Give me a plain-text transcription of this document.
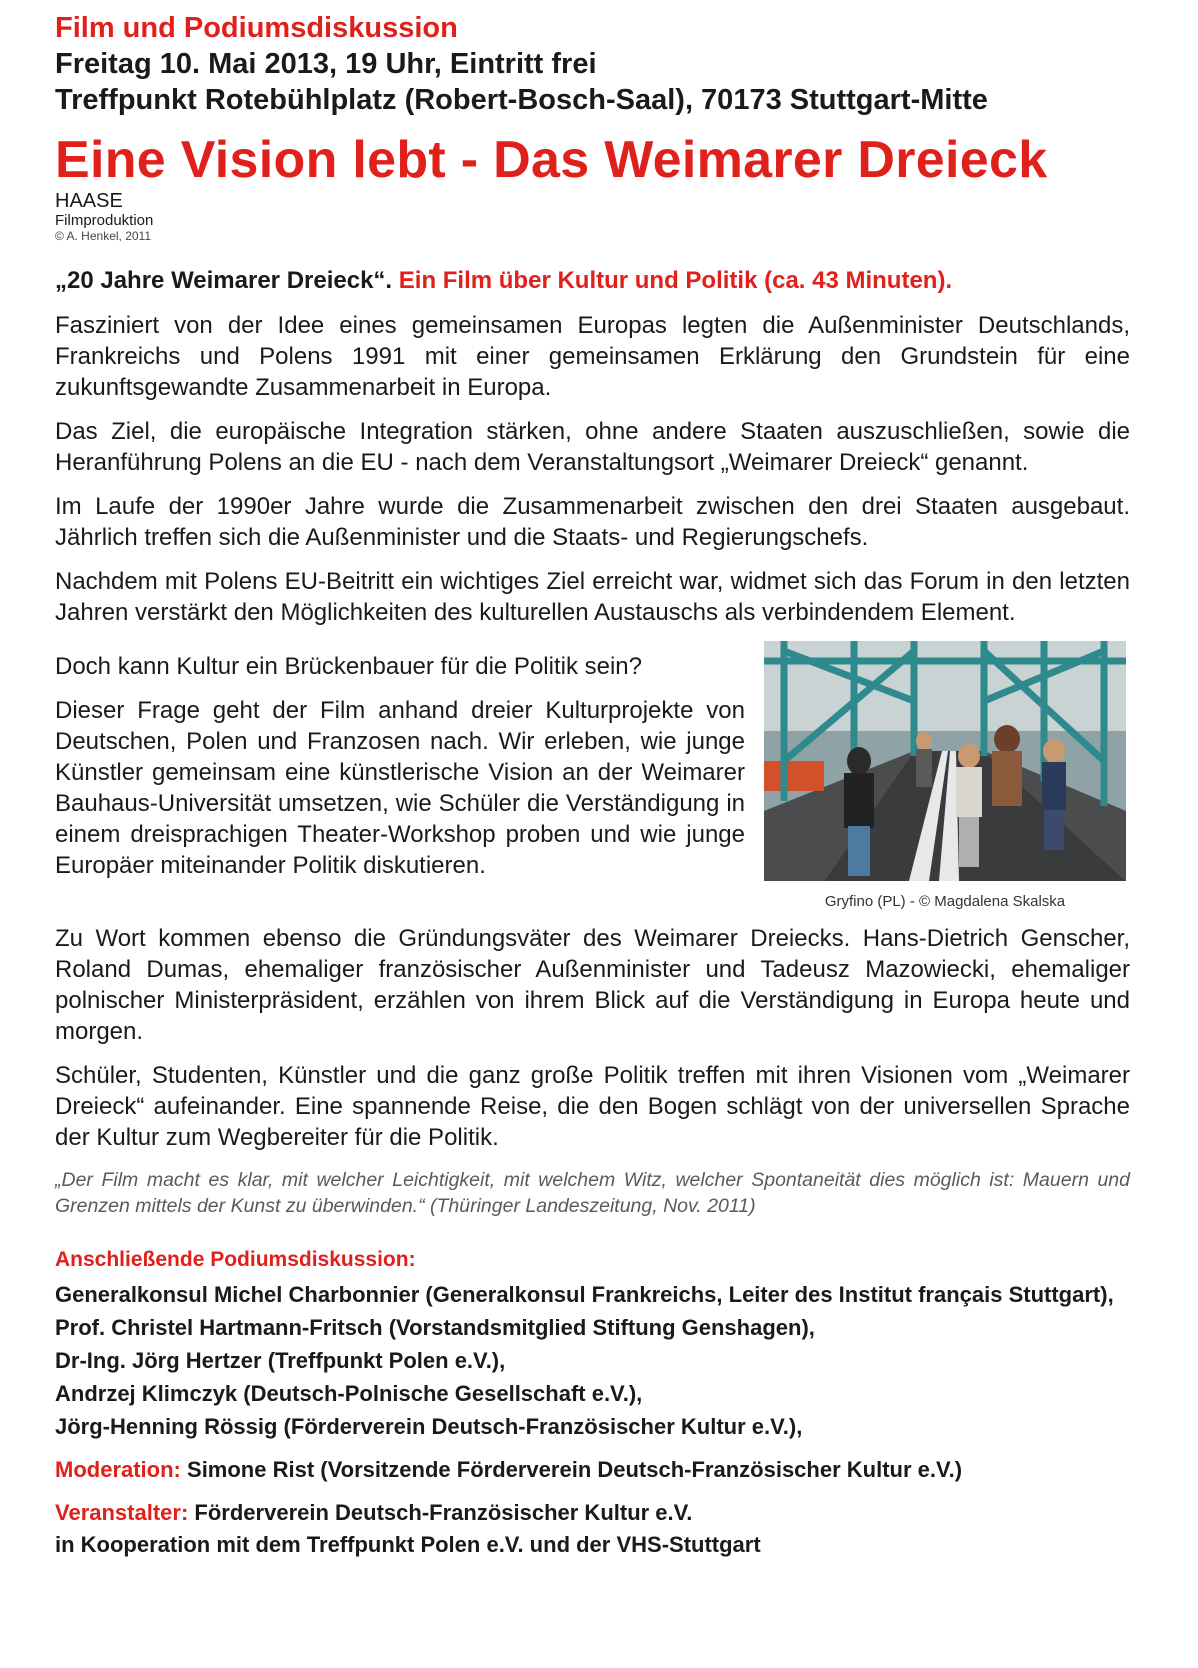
Film und Podiumsdiskussion

Freitag 10. Mai 2013, 19 Uhr, Eintritt frei

Treffpunkt Rotebühlplatz (Robert-Bosch-Saal), 70173 Stuttgart-Mitte

Eine Vision lebt - Das Weimarer Dreieck
HAASE
Filmproduktion
© A. Henkel, 2011

„20 Jahre Weimarer Dreieck“. Ein Film über Kultur und Politik (ca. 43 Minuten).

Fasziniert von der Idee eines gemeinsamen Europas legten die Außenminister Deutschlands, Frankreichs und Polens 1991 mit einer gemeinsamen Erklärung den Grundstein für eine zukunftsgewandte Zusammenarbeit in Europa.

Das Ziel, die europäische Integration stärken, ohne andere Staaten auszuschließen, sowie die Heranführung Polens an die EU - nach dem Veranstaltungsort „Weimarer Dreieck“ genannt.

Im Laufe der 1990er Jahre wurde die Zusammenarbeit zwischen den drei Staaten ausgebaut. Jährlich treffen sich die Außenminister und die Staats- und Regierungschefs.

Nachdem mit Polens EU-Beitritt ein wichtiges Ziel erreicht war, widmet sich das Forum in den letzten Jahren verstärkt den Möglichkeiten des kulturellen Austauschs als verbindendem Element.

Doch kann Kultur ein Brückenbauer für die Politik sein?

Dieser Frage geht der Film anhand dreier Kulturprojekte von Deutschen, Polen und Franzosen nach. Wir erleben, wie junge Künstler gemeinsam eine künstlerische Vision an der Weimarer Bauhaus-Universität umsetzen, wie Schüler die Verständigung in einem dreisprachigen Theater-Workshop proben und wie junge Europäer miteinander Politik diskutieren.

Gryfino (PL) - © Magdalena Skalska

Zu Wort kommen ebenso die Gründungsväter des Weimarer Dreiecks. Hans-Dietrich Genscher, Roland Dumas, ehemaliger französischer Außenminister und Tadeusz Mazowiecki, ehemaliger polnischer Ministerpräsident, erzählen von ihrem Blick auf die Verständigung in Europa heute und morgen.

Schüler, Studenten, Künstler und die ganz große Politik treffen mit ihren Visionen vom „Weimarer Dreieck“ aufeinander. Eine spannende Reise, die den Bogen schlägt von der universellen Sprache der Kultur zum Wegbereiter für die Politik.

„Der Film macht es klar, mit welcher Leichtigkeit, mit welchem Witz, welcher Spontaneität dies möglich ist: Mauern und Grenzen mittels der Kunst zu überwinden.“ (Thüringer Landeszeitung, Nov. 2011)

Anschließende Podiumsdiskussion:
Generalkonsul Michel Charbonnier (Generalkonsul Frankreichs, Leiter des Institut français Stuttgart),
Prof. Christel Hartmann-Fritsch (Vorstandsmitglied Stiftung Genshagen),
Dr-Ing. Jörg Hertzer (Treffpunkt Polen e.V.),
Andrzej Klimczyk (Deutsch-Polnische Gesellschaft e.V.),
Jörg-Henning Rössig (Förderverein Deutsch-Französischer Kultur e.V.),
Moderation: Simone Rist (Vorsitzende Förderverein Deutsch-Französischer Kultur e.V.)
Veranstalter: Förderverein Deutsch-Französischer Kultur e.V.
in Kooperation mit dem Treffpunkt Polen e.V. und der VHS-Stuttgart
